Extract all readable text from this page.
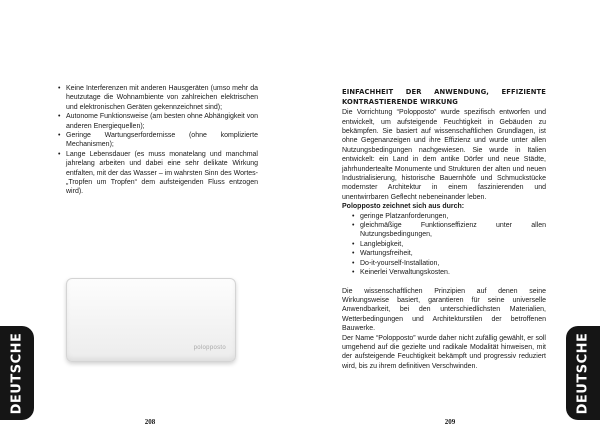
• Keine Interferenzen mit anderen Hausgeräten (umso mehr da heutzutage die Wohnambiente von zahlreichen elektrischen und elektronischen Geräten gekennzeichnet sind);
• Autonome Funktionsweise (am besten ohne Abhängigkeit von anderen Energiequellen);
• Geringe Wartungserfordernisse (ohne komplizierte Mechanismen);
• Lange Lebensdauer (es muss monatelang und manchmal jahrelang arbeiten und dabei eine sehr delikate Wirkung entfalten, mit der das Wasser – im wahrsten Sinn des Wortes- „Tropfen um Tropfen“ dem aufsteigenden Fluss entzogen wird).
polopposto
DEUTSCHE
208
EINFACHHEIT DER ANWENDUNG, EFFIZIENTE KONTRASTIERENDE WIRKUNG

Die Vorrichtung “Polopposto” wurde spezifisch entworfen und entwickelt, um aufsteigende Feuchtigkeit in Gebäuden zu bekämpfen. Sie basiert auf wissenschaftlichen Grundlagen, ist ohne Gegenanzeigen und ihre Effizienz und wurde unter allen Nutzungsbedingungen nachgewiesen. Sie wurde in Italien entwickelt: ein Land in dem antike Dörfer und neue Städte, jahrhundertealte Monumente und Strukturen der alten und neuen Industrialisierung, historische Bauernhöfe und Schmuckstücke modernster Architektur in einem faszinierenden und unentwirrbaren Geflecht nebeneinander leben.

Polopposto zeichnet sich aus durch:

• geringe Platzanforderungen,
• gleichmäßige Funktionseffizienz unter allen Nutzungsbedingungen,
• Langlebigkeit,
• Wartungsfreiheit,
• Do-it-yourself-Installation,
• Keinerlei Verwaltungskosten.

Die wissenschaftlichen Prinzipien auf denen seine Wirkungsweise basiert, garantieren für seine universelle Anwendbarkeit, bei den unterschiedlichsten Materialien, Wetterbedingungen und Architekturstilen der betroffenen Bauwerke.

Der Name “Polopposto” wurde daher nicht zufällig gewählt, er soll umgehend auf die gezielte und radikale Modalität hinweisen, mit der aufsteigende Feuchtigkeit bekämpft und progressiv reduziert wird, bis zu ihrem definitiven Verschwinden.	DEUTSCHE
209
